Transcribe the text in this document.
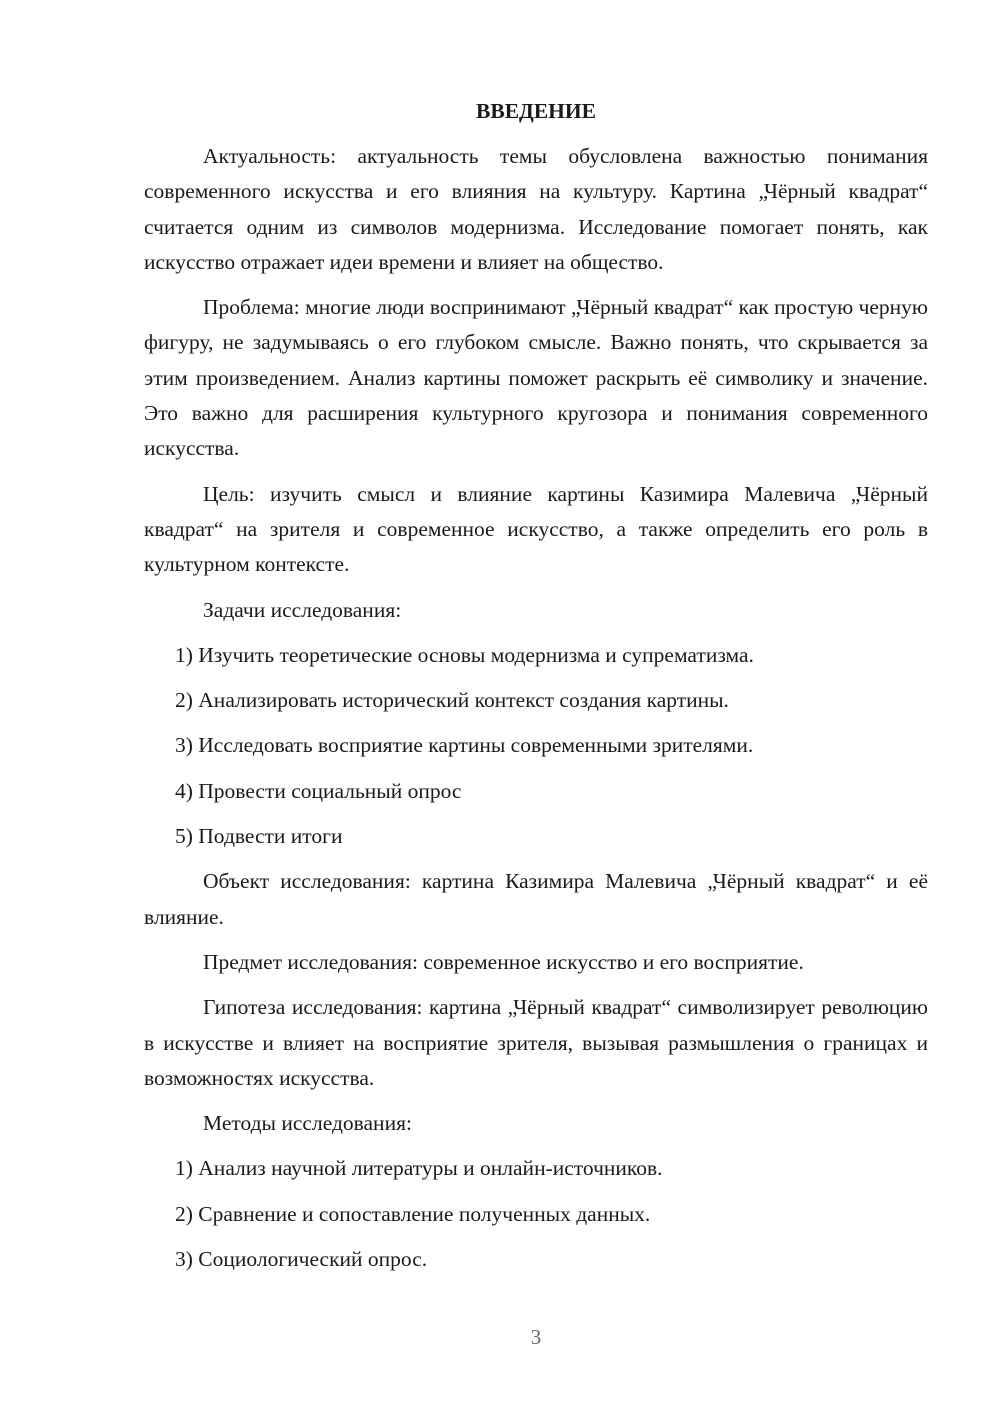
ВВЕДЕНИЕ

Актуальность: актуальность темы обусловлена важностью понимания современного искусства и его влияния на культуру. Картина „Чёрный квадрат“ считается одним из символов модернизма. Исследование помогает понять, как искусство отражает идеи времени и влияет на общество.

Проблема: многие люди воспринимают „Чёрный квадрат“ как простую черную фигуру, не задумываясь о его глубоком смысле. Важно понять, что скрывается за этим произведением. Анализ картины поможет раскрыть её символику и значение. Это важно для расширения культурного кругозора и понимания современного искусства.

Цель: изучить смысл и влияние картины Казимира Малевича „Чёрный квадрат“ на зрителя и современное искусство, а также определить его роль в культурном контексте.

Задачи исследования:

1) Изучить теоретические основы модернизма и супрематизма.
2) Анализировать исторический контекст создания картины.
3) Исследовать восприятие картины современными зрителями.
4) Провести социальный опрос
5) Подвести итоги

Объект исследования: картина Казимира Малевича „Чёрный квадрат“ и её влияние.

Предмет исследования: современное искусство и его восприятие.

Гипотеза исследования: картина „Чёрный квадрат“ символизирует революцию в искусстве и влияет на восприятие зрителя, вызывая размышления о границах и возможностях искусства.

Методы исследования:

1) Анализ научной литературы и онлайн-источников.
2) Сравнение и сопоставление полученных данных.
3) Социологический опрос.
3
